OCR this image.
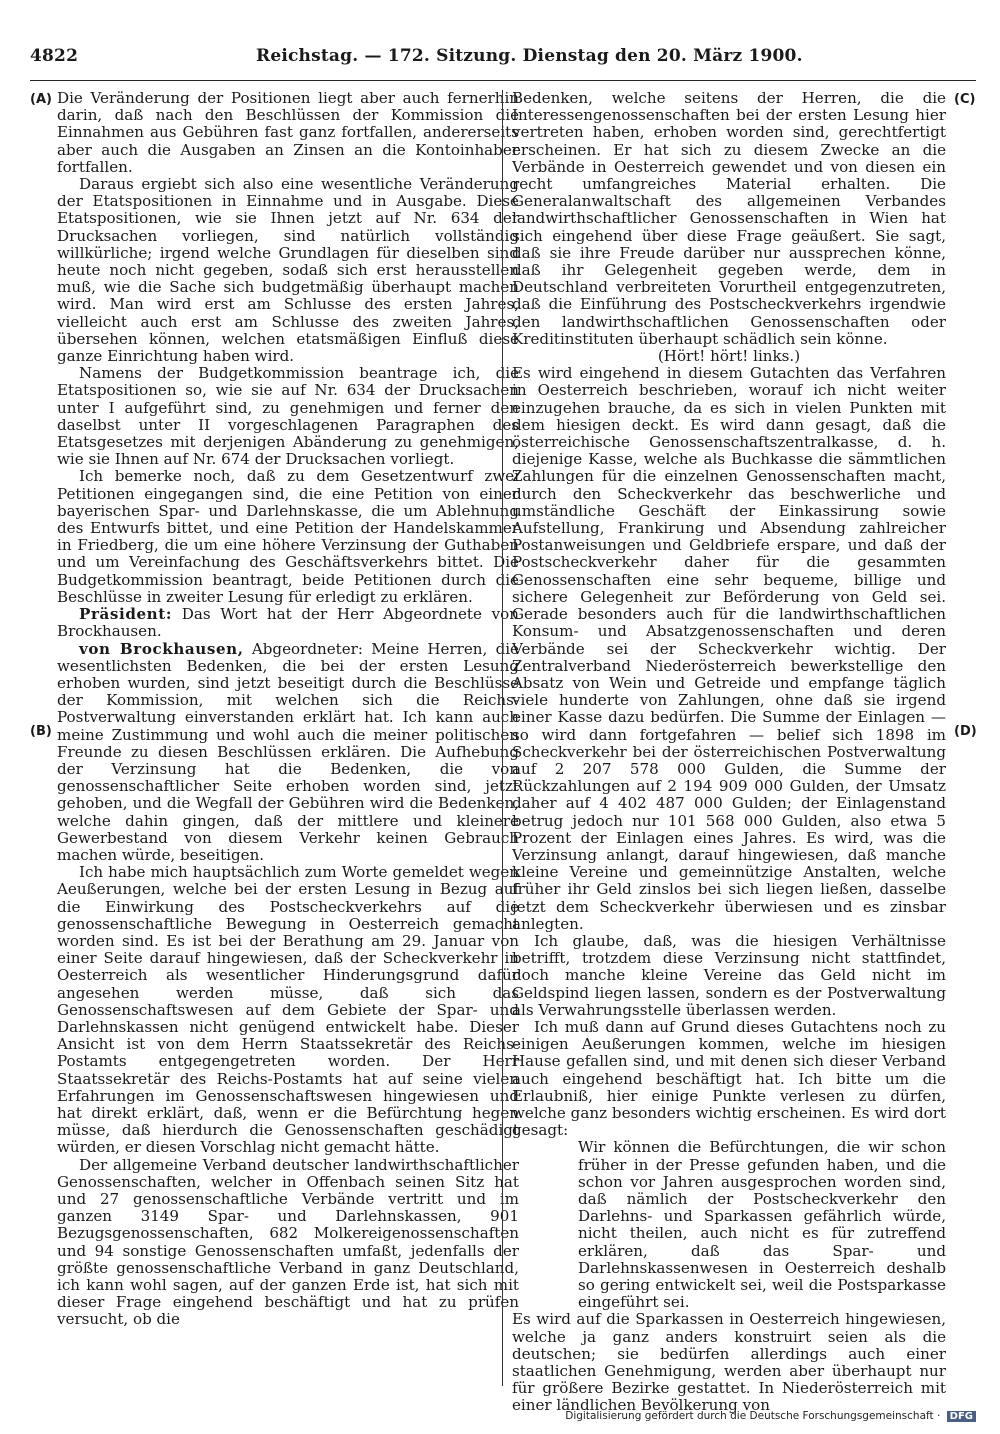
4822	Reichstag. — 172. Sitzung. Dienstag den 20. März 1900.
(A)
(B)
(C)
(D)

Die Veränderung der Positionen liegt aber auch fernerhin darin, daß nach den Beschlüssen der Kommission die Einnahmen aus Gebühren fast ganz fortfallen, andererseits aber auch die Ausgaben an Zinsen an die Kontoinhaber fortfallen.

Daraus ergiebt sich also eine wesentliche Veränderung der Etatspositionen in Einnahme und in Ausgabe. Diese Etatspositionen, wie sie Ihnen jetzt auf Nr. 634 der Drucksachen vorliegen, sind natürlich vollständig willkürliche; irgend welche Grundlagen für dieselben sind heute noch nicht gegeben, sodaß sich erst herausstellen muß, wie die Sache sich budgetmäßig überhaupt machen wird. Man wird erst am Schlusse des ersten Jahres, vielleicht auch erst am Schlusse des zweiten Jahres, übersehen können, welchen etatsmäßigen Einfluß diese ganze Einrichtung haben wird.

Namens der Budgetkommission beantrage ich, die Etatspositionen so, wie sie auf Nr. 634 der Drucksachen unter I aufgeführt sind, zu genehmigen und ferner den daselbst unter II vorgeschlagenen Paragraphen des Etatsgesetzes mit derjenigen Abänderung zu genehmigen, wie sie Ihnen auf Nr. 674 der Drucksachen vorliegt.

Ich bemerke noch, daß zu dem Gesetzentwurf zwei Petitionen eingegangen sind, die eine Petition von einer bayerischen Spar- und Darlehnskasse, die um Ablehnung des Entwurfs bittet, und eine Petition der Handelskammer in Friedberg, die um eine höhere Verzinsung der Guthaben und um Vereinfachung des Geschäftsverkehrs bittet. Die Budgetkommission beantragt, beide Petitionen durch die Beschlüsse in zweiter Lesung für erledigt zu erklären.

Präsident: Das Wort hat der Herr Abgeordnete von Brockhausen.

von Brockhausen, Abgeordneter: Meine Herren, die wesentlichsten Bedenken, die bei der ersten Lesung erhoben wurden, sind jetzt beseitigt durch die Beschlüsse der Kommission, mit welchen sich die Reichs-Postverwaltung einverstanden erklärt hat. Ich kann auch meine Zustimmung und wohl auch die meiner politischen Freunde zu diesen Beschlüssen erklären. Die Aufhebung der Verzinsung hat die Bedenken, die von genossenschaftlicher Seite erhoben worden sind, jetzt gehoben, und die Wegfall der Gebühren wird die Bedenken, welche dahin gingen, daß der mittlere und kleinere Gewerbestand von diesem Verkehr keinen Gebrauch machen würde, beseitigen.

Ich habe mich hauptsächlich zum Worte gemeldet wegen Aeußerungen, welche bei der ersten Lesung in Bezug auf die Einwirkung des Postscheckverkehrs auf die genossenschaftliche Bewegung in Oesterreich gemacht worden sind. Es ist bei der Berathung am 29. Januar von einer Seite darauf hingewiesen, daß der Scheckverkehr in Oesterreich als wesentlicher Hinderungsgrund dafür angesehen werden müsse, daß sich das Genossenschaftswesen auf dem Gebiete der Spar- und Darlehnskassen nicht genügend entwickelt habe. Dieser Ansicht ist von dem Herrn Staatssekretär des Reichs-Postamts entgegengetreten worden. Der Herr Staatssekretär des Reichs-Postamts hat auf seine vielen Erfahrungen im Genossenschaftswesen hingewiesen und hat direkt erklärt, daß, wenn er die Befürchtung hegen müsse, daß hierdurch die Genossenschaften geschädigt würden, er diesen Vorschlag nicht gemacht hätte.

Der allgemeine Verband deutscher landwirthschaftlicher Genossenschaften, welcher in Offenbach seinen Sitz hat und 27 genossenschaftliche Verbände vertritt und im ganzen 3149 Spar- und Darlehnskassen, 901 Bezugsgenossenschaften, 682 Molkereigenossenschaften und 94 sonstige Genossenschaften umfaßt, jedenfalls der größte genossenschaftliche Verband in ganz Deutschland, ich kann wohl sagen, auf der ganzen Erde ist, hat sich mit dieser Frage eingehend beschäftigt und hat zu prüfen versucht, ob die

Bedenken, welche seitens der Herren, die die Interessengenossenschaften bei der ersten Lesung hier vertreten haben, erhoben worden sind, gerechtfertigt erscheinen. Er hat sich zu diesem Zwecke an die Verbände in Oesterreich gewendet und von diesen ein recht umfangreiches Material erhalten. Die Generalanwaltschaft des allgemeinen Verbandes landwirthschaftlicher Genossenschaften in Wien hat sich eingehend über diese Frage geäußert. Sie sagt, daß sie ihre Freude darüber nur aussprechen könne, daß ihr Gelegenheit gegeben werde, dem in Deutschland verbreiteten Vorurtheil entgegenzutreten, daß die Einführung des Postscheckverkehrs irgendwie den landwirthschaftlichen Genossenschaften oder Kreditinstituten überhaupt schädlich sein könne.

(Hört! hört! links.)

Es wird eingehend in diesem Gutachten das Verfahren in Oesterreich beschrieben, worauf ich nicht weiter einzugehen brauche, da es sich in vielen Punkten mit dem hiesigen deckt. Es wird dann gesagt, daß die österreichische Genossenschaftszentralkasse, d. h. diejenige Kasse, welche als Buchkasse die sämmtlichen Zahlungen für die einzelnen Genossenschaften macht, durch den Scheckverkehr das beschwerliche und umständliche Geschäft der Einkassirung sowie Aufstellung, Frankirung und Absendung zahlreicher Postanweisungen und Geldbriefe erspare, und daß der Postscheckverkehr daher für die gesammten Genossenschaften eine sehr bequeme, billige und sichere Gelegenheit zur Beförderung von Geld sei. Gerade besonders auch für die landwirthschaftlichen Konsum- und Absatzgenossenschaften und deren Verbände sei der Scheckverkehr wichtig. Der Zentralverband Niederösterreich bewerkstellige den Absatz von Wein und Getreide und empfange täglich viele hunderte von Zahlungen, ohne daß sie irgend einer Kasse dazu bedürfen. Die Summe der Einlagen — so wird dann fortgefahren — belief sich 1898 im Scheckverkehr bei der österreichischen Postverwaltung auf 2 207 578 000 Gulden, die Summe der Rückzahlungen auf 2 194 909 000 Gulden, der Umsatz daher auf 4 402 487 000 Gulden; der Einlagenstand betrug jedoch nur 101 568 000 Gulden, also etwa 5 Prozent der Einlagen eines Jahres. Es wird, was die Verzinsung anlangt, darauf hingewiesen, daß manche kleine Vereine und gemeinnützige Anstalten, welche früher ihr Geld zinslos bei sich liegen ließen, dasselbe jetzt dem Scheckverkehr überwiesen und es zinsbar anlegten.

Ich glaube, daß, was die hiesigen Verhältnisse betrifft, trotzdem diese Verzinsung nicht stattfindet, doch manche kleine Vereine das Geld nicht im Geldspind liegen lassen, sondern es der Postverwaltung als Verwahrungsstelle überlassen werden.

Ich muß dann auf Grund dieses Gutachtens noch zu einigen Aeußerungen kommen, welche im hiesigen Hause gefallen sind, und mit denen sich dieser Verband auch eingehend beschäftigt hat. Ich bitte um die Erlaubniß, hier einige Punkte verlesen zu dürfen, welche ganz besonders wichtig erscheinen. Es wird dort gesagt:

Wir können die Befürchtungen, die wir schon früher in der Presse gefunden haben, und die schon vor Jahren ausgesprochen worden sind, daß nämlich der Postscheckverkehr den Darlehns- und Sparkassen gefährlich würde, nicht theilen, auch nicht es für zutreffend erklären, daß das Spar- und Darlehnskassenwesen in Oesterreich deshalb so gering entwickelt sei, weil die Postsparkasse eingeführt sei.

Es wird auf die Sparkassen in Oesterreich hingewiesen, welche ja ganz anders konstruirt seien als die deutschen; sie bedürfen allerdings auch einer staatlichen Genehmigung, werden aber überhaupt nur für größere Bezirke gestattet. In Niederösterreich mit einer ländlichen Bevölkerung von

Digitalisierung gefördert durch die Deutsche Forschungsgemeinschaft · DFG
